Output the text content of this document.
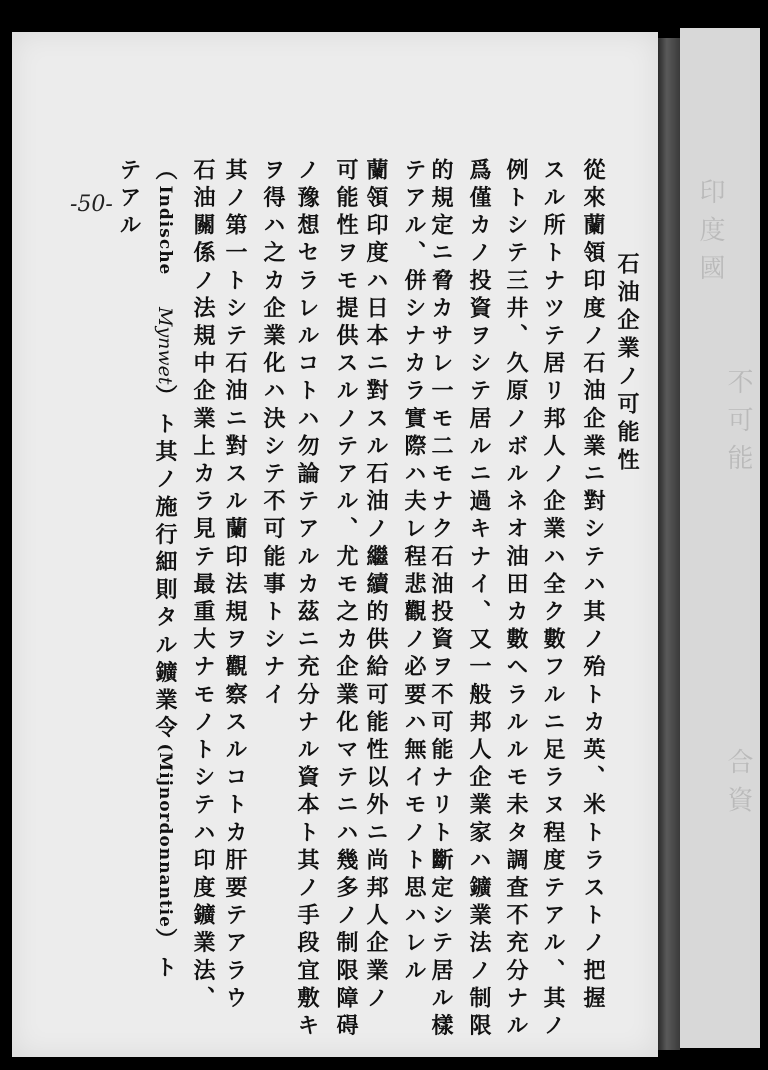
印度國
不可能
合資
石油企業ノ可能性
從來蘭領印度ノ石油企業ニ對シテハ其ノ殆トカ英、米トラストノ把握
スル所トナツテ居リ邦人ノ企業ハ全ク數フルニ足ラヌ程度テアル、其ノ
例トシテ三井、久原ノボルネオ油田カ數ヘラルルモ未タ調査不充分ナル
爲僅カノ投資ヲシテ居ルニ過キナイ、又一般邦人企業家ハ鑛業法ノ制限
的規定ニ脅カサレ一モ二モナク石油投資ヲ不可能ナリト斷定シテ居ル樣
テアル、併シナカラ實際ハ夫レ程悲觀ノ必要ハ無イモノト思ハレル
蘭領印度ハ日本ニ對スル石油ノ繼續的供給可能性以外ニ尚邦人企業ノ
可能性ヲモ提供スルノテアル、尤モ之カ企業化マテニハ幾多ノ制限障碍
ノ豫想セラレルコトハ勿論テアルカ茲ニ充分ナル資本ト其ノ手段宜敷キ
ヲ得ハ之カ企業化ハ決シテ不可能事トシナイ
其ノ第一トシテ石油ニ對スル蘭印法規ヲ觀察スルコトカ肝要テアラウ
石油關係ノ法規中企業上カラ見テ最重大ナモノトシテハ印度鑛業法、
（Indische Mynwet）ト其ノ施行細則タル鑛業令(Mijnordonnantie）ト
テアル
-50-
